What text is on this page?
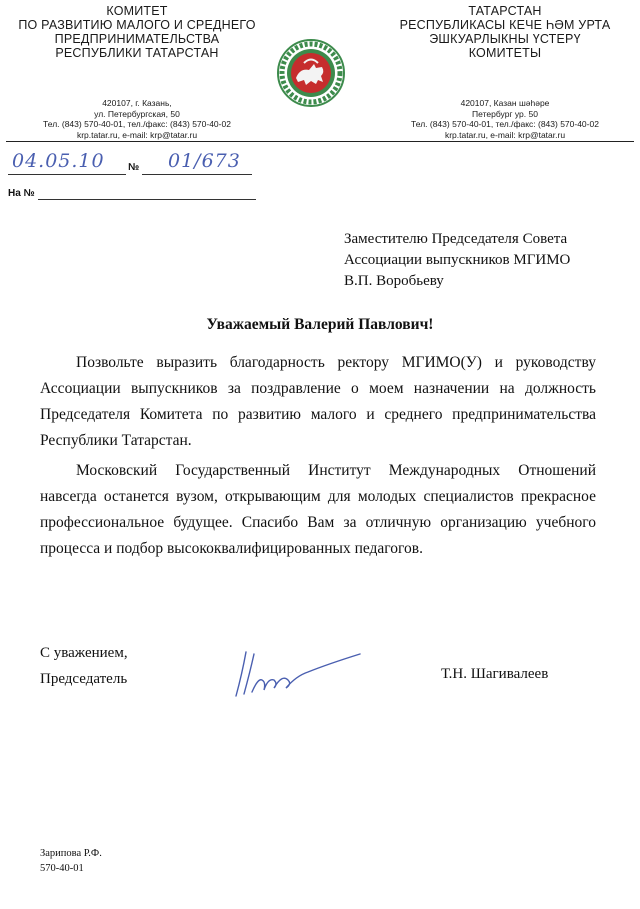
КОМИТЕТ
ПО РАЗВИТИЮ МАЛОГО И СРЕДНЕГО
ПРЕДПРИНИМАТЕЛЬСТВА
РЕСПУБЛИКИ ТАТАРСТАН
420107, г. Казань,
ул. Петербургская, 50
Тел. (843) 570-40-01, тел./факс: (843) 570-40-02
krp.tatar.ru, e-mail: krp@tatar.ru
ТАТАРСТАН
РЕСПУБЛИКАСЫ КЕЧЕ ҺӘМ УРТА
ЭШКУАРЛЫКНЫ ҮСТЕРҮ
КОМИТЕТЫ
420107, Казан шәһәре
Петербург ур. 50
Тел. (843) 570-40-01, тел./факс: (843) 570-40-02
krp.tatar.ru, e-mail: krp@tatar.ru
04.05.10 № 01/673
На №
Заместителю Председателя Совета
Ассоциации выпускников МГИМО
В.П. Воробьеву
Уважаемый Валерий Павлович!
Позвольте выразить благодарность ректору МГИМО(У) и руководству Ассоциации выпускников за поздравление о моем назначении на должность Председателя Комитета по развитию малого и среднего предпринимательства Республики Татарстан.
Московский Государственный Институт Международных Отношений навсегда останется вузом, открывающим для молодых специалистов прекрасное профессиональное будущее. Спасибо Вам за отличную организацию учебного процесса и подбор высококвалифицированных педагогов.
С уважением,
Председатель	Т.Н. Шагивалеев
Зарипова Р.Ф.
570-40-01
